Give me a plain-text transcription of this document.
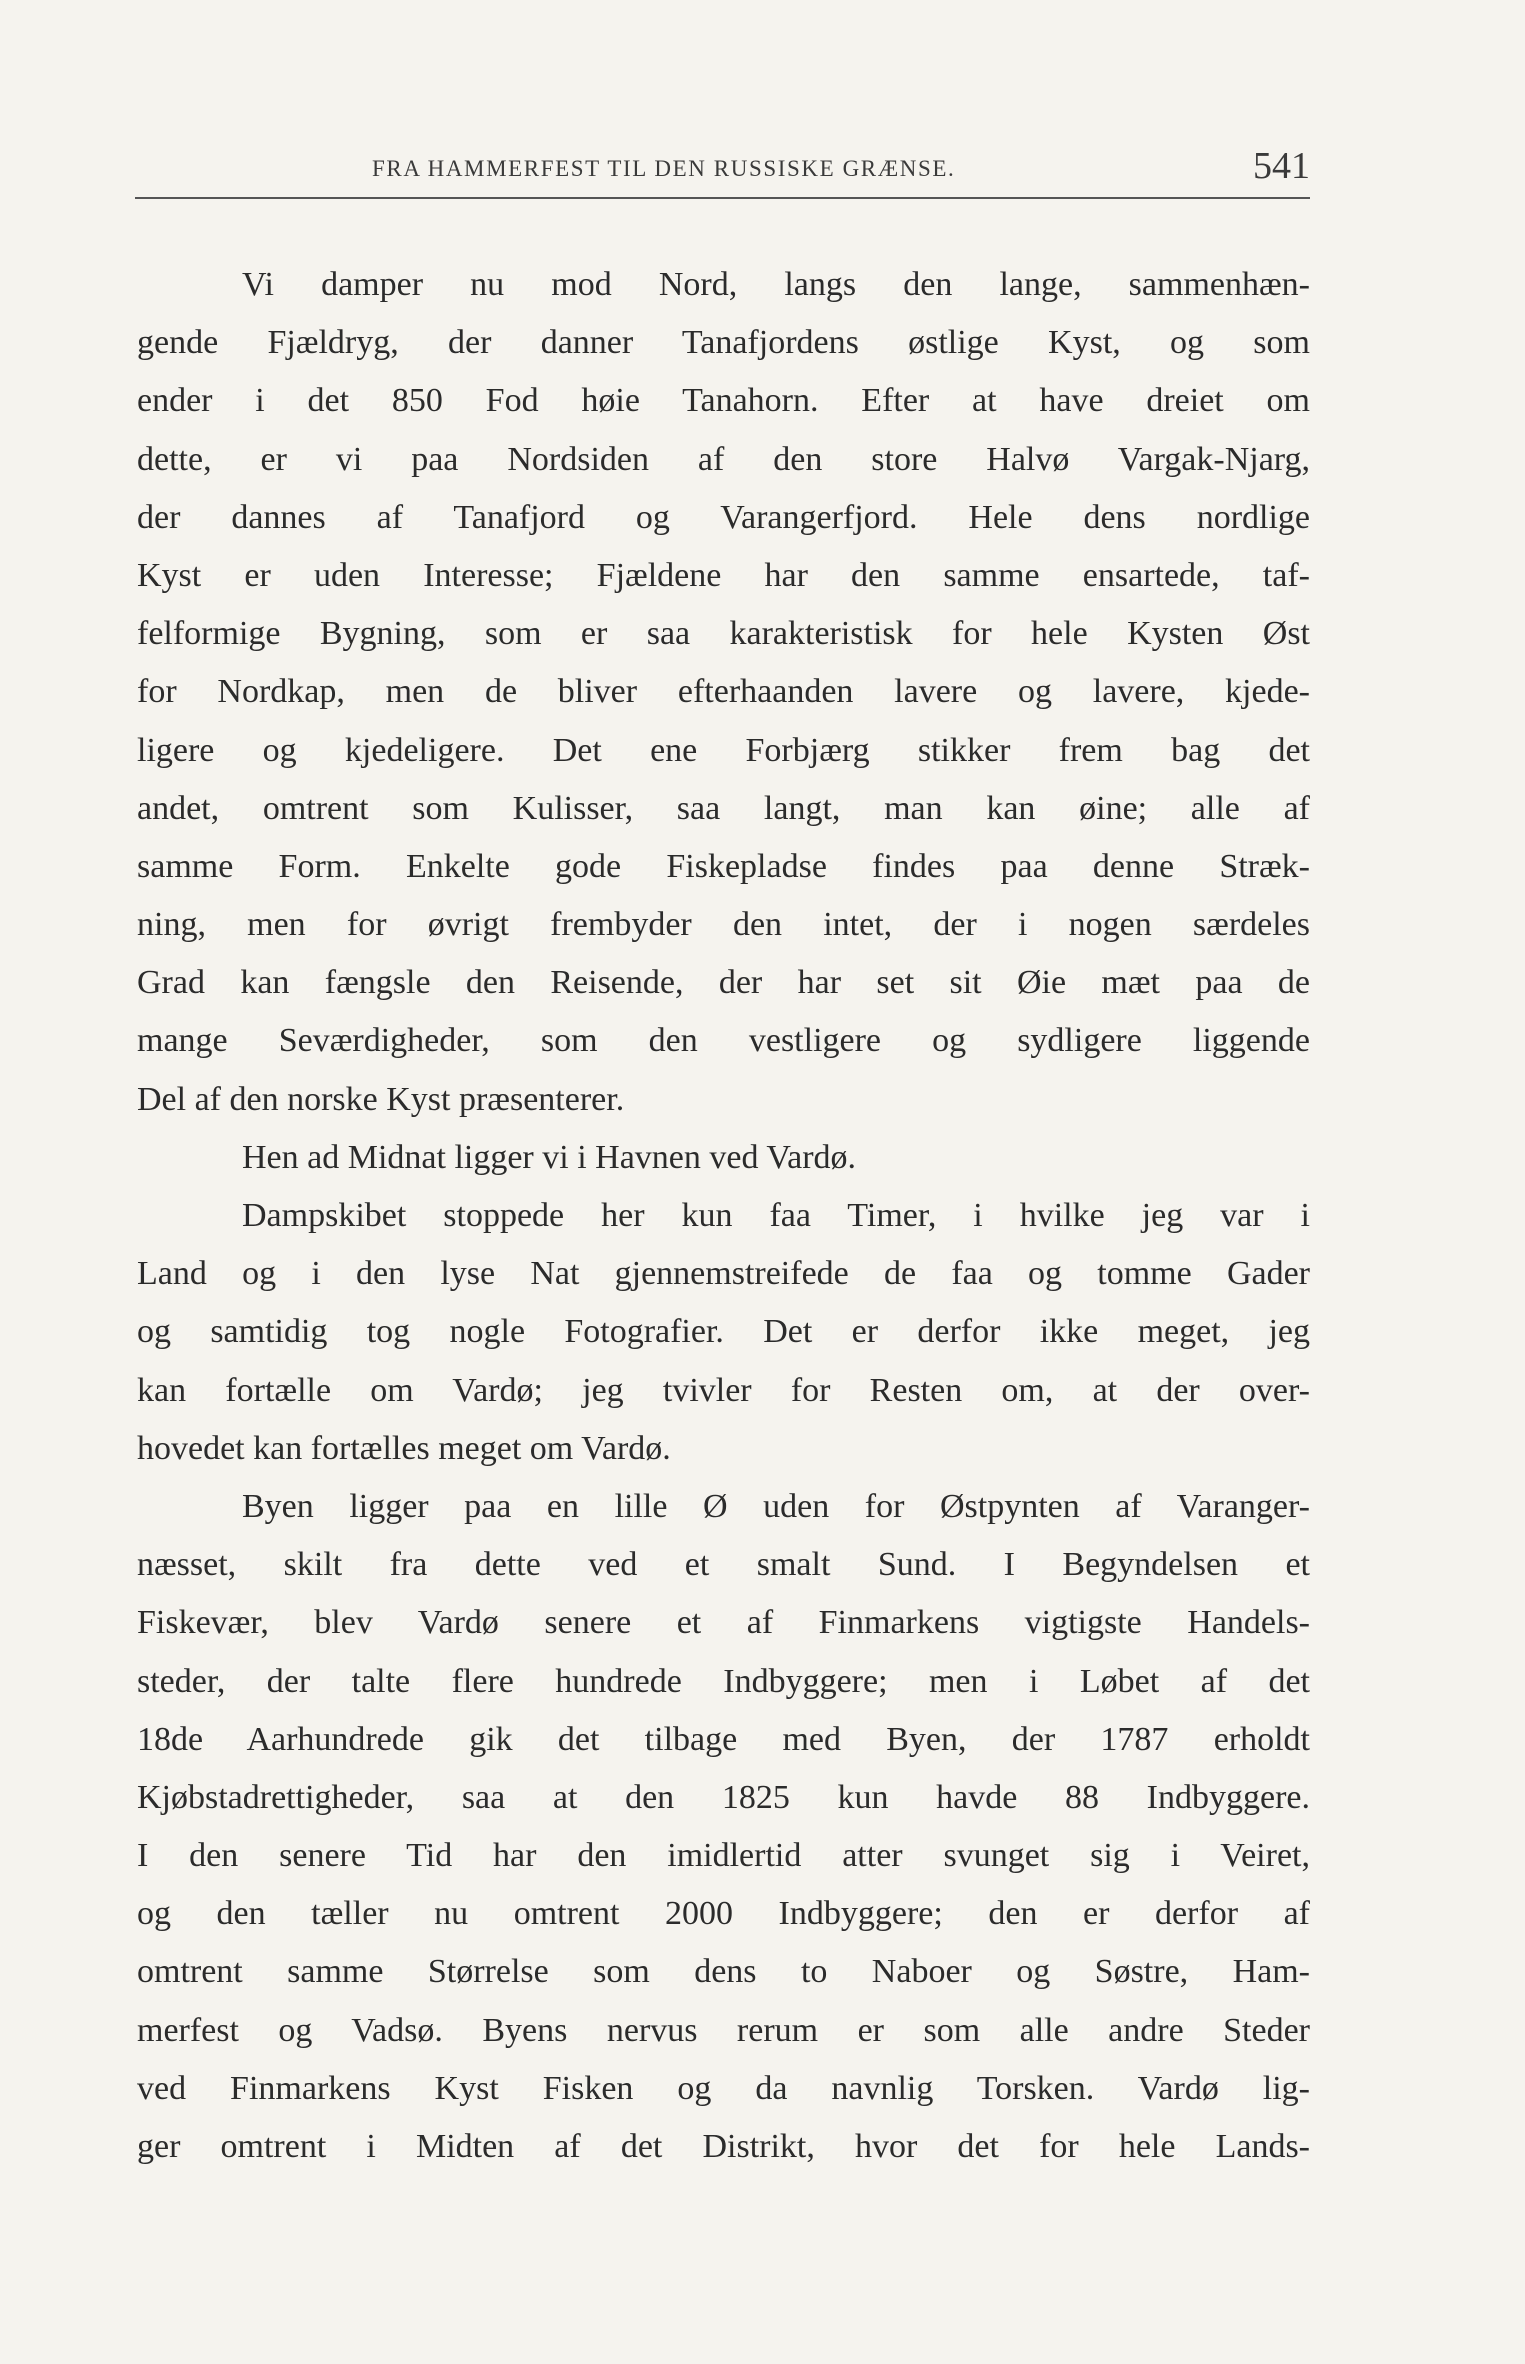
FRA HAMMERFEST TIL DEN RUSSISKE GRÆNSE.	541
Vi damper nu mod Nord, langs den lange, sammenhæn-
gende Fjældryg, der danner Tanafjordens østlige Kyst, og som
ender i det 850 Fod høie Tanahorn. Efter at have dreiet om
dette, er vi paa Nordsiden af den store Halvø Vargak-Njarg,
der dannes af Tanafjord og Varangerfjord. Hele dens nordlige
Kyst er uden Interesse; Fjældene har den samme ensartede, taf-
felformige Bygning, som er saa karakteristisk for hele Kysten Øst
for Nordkap, men de bliver efterhaanden lavere og lavere, kjede-
ligere og kjedeligere. Det ene Forbjærg stikker frem bag det
andet, omtrent som Kulisser, saa langt, man kan øine; alle af
samme Form. Enkelte gode Fiskepladse findes paa denne Stræk-
ning, men for øvrigt frembyder den intet, der i nogen særdeles
Grad kan fængsle den Reisende, der har set sit Øie mæt paa de
mange Seværdigheder, som den vestligere og sydligere liggende
Del af den norske Kyst præsenterer.
Hen ad Midnat ligger vi i Havnen ved Vardø.
Dampskibet stoppede her kun faa Timer, i hvilke jeg var i
Land og i den lyse Nat gjennemstreifede de faa og tomme Gader
og samtidig tog nogle Fotografier. Det er derfor ikke meget, jeg
kan fortælle om Vardø; jeg tvivler for Resten om, at der over-
hovedet kan fortælles meget om Vardø.
Byen ligger paa en lille Ø uden for Østpynten af Varanger-
næsset, skilt fra dette ved et smalt Sund. I Begyndelsen et
Fiskevær, blev Vardø senere et af Finmarkens vigtigste Handels-
steder, der talte flere hundrede Indbyggere; men i Løbet af det
18de Aarhundrede gik det tilbage med Byen, der 1787 erholdt
Kjøbstadrettigheder, saa at den 1825 kun havde 88 Indbyggere.
I den senere Tid har den imidlertid atter svunget sig i Veiret,
og den tæller nu omtrent 2000 Indbyggere; den er derfor af
omtrent samme Størrelse som dens to Naboer og Søstre, Ham-
merfest og Vadsø. Byens nervus rerum er som alle andre Steder
ved Finmarkens Kyst Fisken og da navnlig Torsken. Vardø lig-
ger omtrent i Midten af det Distrikt, hvor det for hele Lands-
